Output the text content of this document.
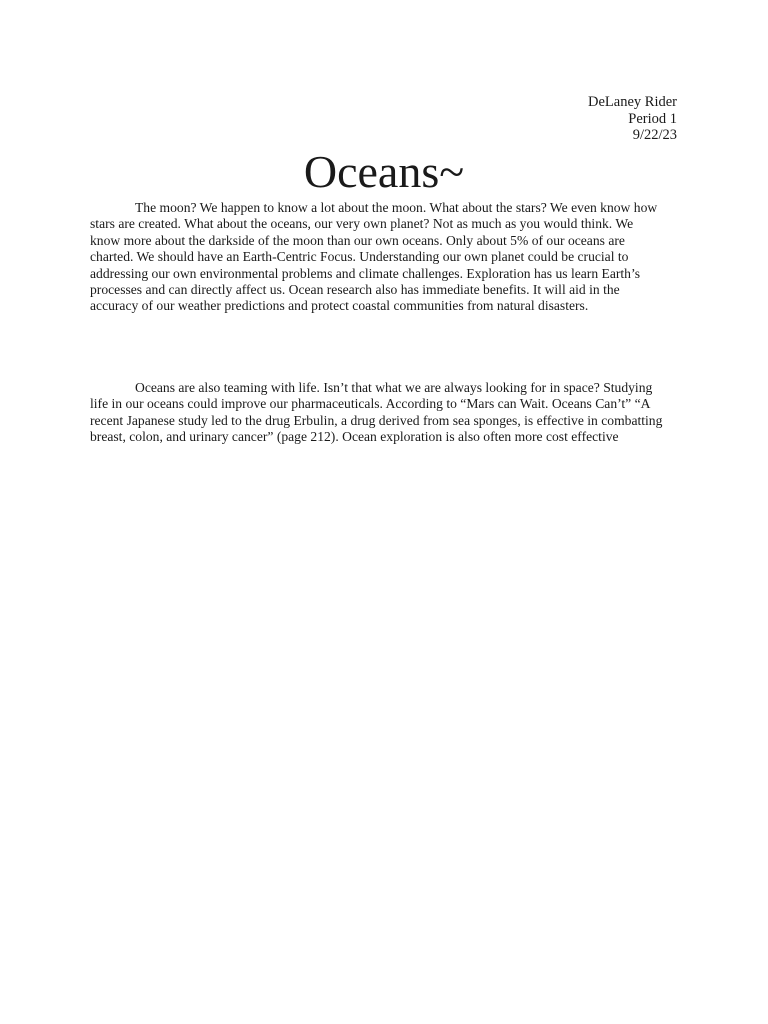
DeLaney Rider
Period 1
9/22/23
Oceans~

The moon? We happen to know a lot about the moon. What about the stars? We even know how
stars are created. What about the oceans, our very own planet? Not as much as you would think. We
know more about the darkside of the moon than our own oceans. Only about 5% of our oceans are
charted. We should have an Earth-Centric Focus. Understanding our own planet could be crucial to
addressing our own environmental problems and climate challenges. Exploration has us learn Earth’s
processes and can directly affect us. Ocean research also has immediate benefits. It will aid in the
accuracy of our weather predictions and protect coastal communities from natural disasters.

Oceans are also teaming with life. Isn’t that what we are always looking for in space? Studying
life in our oceans could improve our pharmaceuticals. According to “Mars can Wait. Oceans Can’t” “A
recent Japanese study led to the drug Erbulin, a drug derived from sea sponges, is effective in combatting
breast, colon, and urinary cancer” (page 212). Ocean exploration is also often more cost effective
